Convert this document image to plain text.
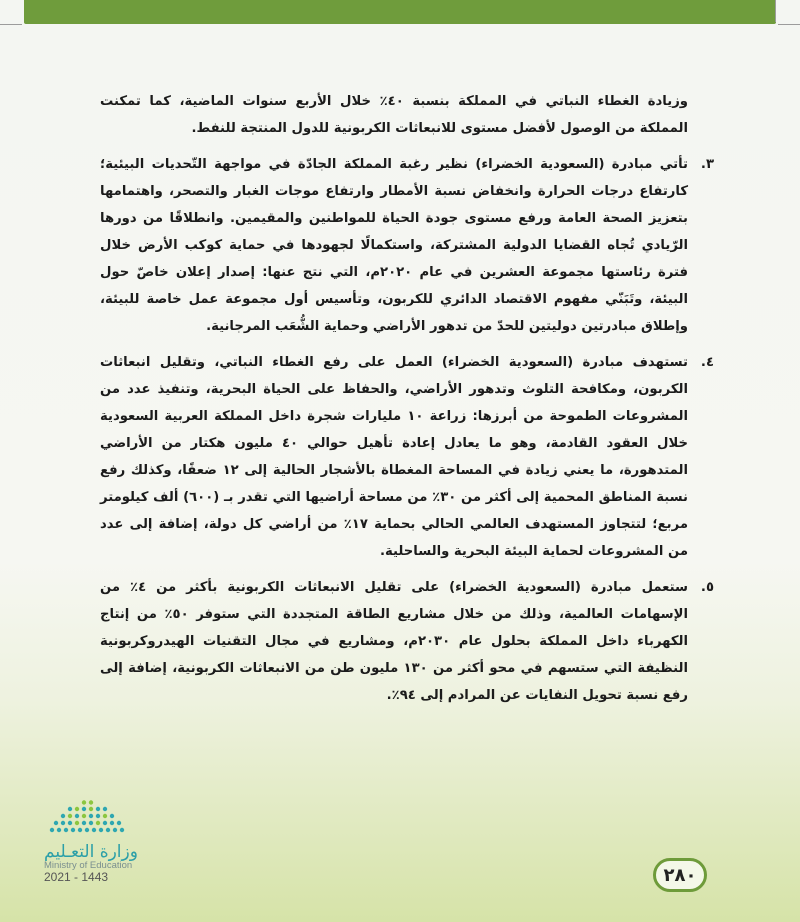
وزيادة الغطاء النباتي في المملكة بنسبة ٤٠٪ خلال الأربع سنوات الماضية، كما تمكنت المملكة من الوصول لأفضل مستوى للانبعاثات الكربونية للدول المنتجة للنفط.

٣.

تأتي مبادرة (السعودية الخضراء) نظير رغبة المملكة الجادّة في مواجهة التّحديات البيئية؛ كارتفاع درجات الحرارة وانخفاض نسبة الأمطار وارتفاع موجات الغبار والتصحر، واهتمامها بتعزيز الصحة العامة ورفع مستوى جودة الحياة للمواطنين والمقيمين. وانطلاقًا من دورها الرّيادي تُجاه القضايا الدولية المشتركة، واستكمالًا لجهودها في حماية كوكب الأرض خلال فترة رئاستها مجموعة العشرين في عام ٢٠٢٠م، التي نتج عنها: إصدار إعلان خاصّ حول البيئة، وتَبَنّي مفهوم الاقتصاد الدائري للكربون، وتأسيس أول مجموعة عمل خاصة للبيئة، وإطلاق مبادرتين دوليتين للحدّ من تدهور الأراضي وحماية الشُّعَب المرجانية.

٤.

تستهدف مبادرة (السعودية الخضراء) العمل على رفع الغطاء النباتي، وتقليل انبعاثات الكربون، ومكافحة التلوث وتدهور الأراضي، والحفاظ على الحياة البحرية، وتنفيذ عدد من المشروعات الطموحة من أبرزها: زراعة ١٠ مليارات شجرة داخل المملكة العربية السعودية خلال العقود القادمة، وهو ما يعادل إعادة تأهيل حوالي ٤٠ مليون هكتار من الأراضي المتدهورة، ما يعني زيادة في المساحة المغطاة بالأشجار الحالية إلى ١٢ ضعفًا، وكذلك رفع نسبة المناطق المحمية إلى أكثر من ٣٠٪ من مساحة أراضيها التي تقدر بـ (٦٠٠) ألف كيلومتر مربع؛ لتتجاوز المستهدف العالمي الحالي بحماية ١٧٪ من أراضي كل دولة، إضافة إلى عدد من المشروعات لحماية البيئة البحرية والساحلية.

٥.

ستعمل مبادرة (السعودية الخضراء) على تقليل الانبعاثات الكربونية بأكثر من ٤٪ من الإسهامات العالمية، وذلك من خلال مشاريع الطاقة المتجددة التي ستوفر ٥٠٪ من إنتاج الكهرباء داخل المملكة بحلول عام ٢٠٣٠م، ومشاريع في مجال التقنيات الهيدروكربونية النظيفة التي ستسهم في محو أكثر من ١٣٠ مليون طن من الانبعاثات الكربونية، إضافة إلى رفع نسبة تحويل النفايات عن المرادم إلى ٩٤٪.

وزارة التعـليم
Ministry of Education
2021 - 1443	٢٨٠
